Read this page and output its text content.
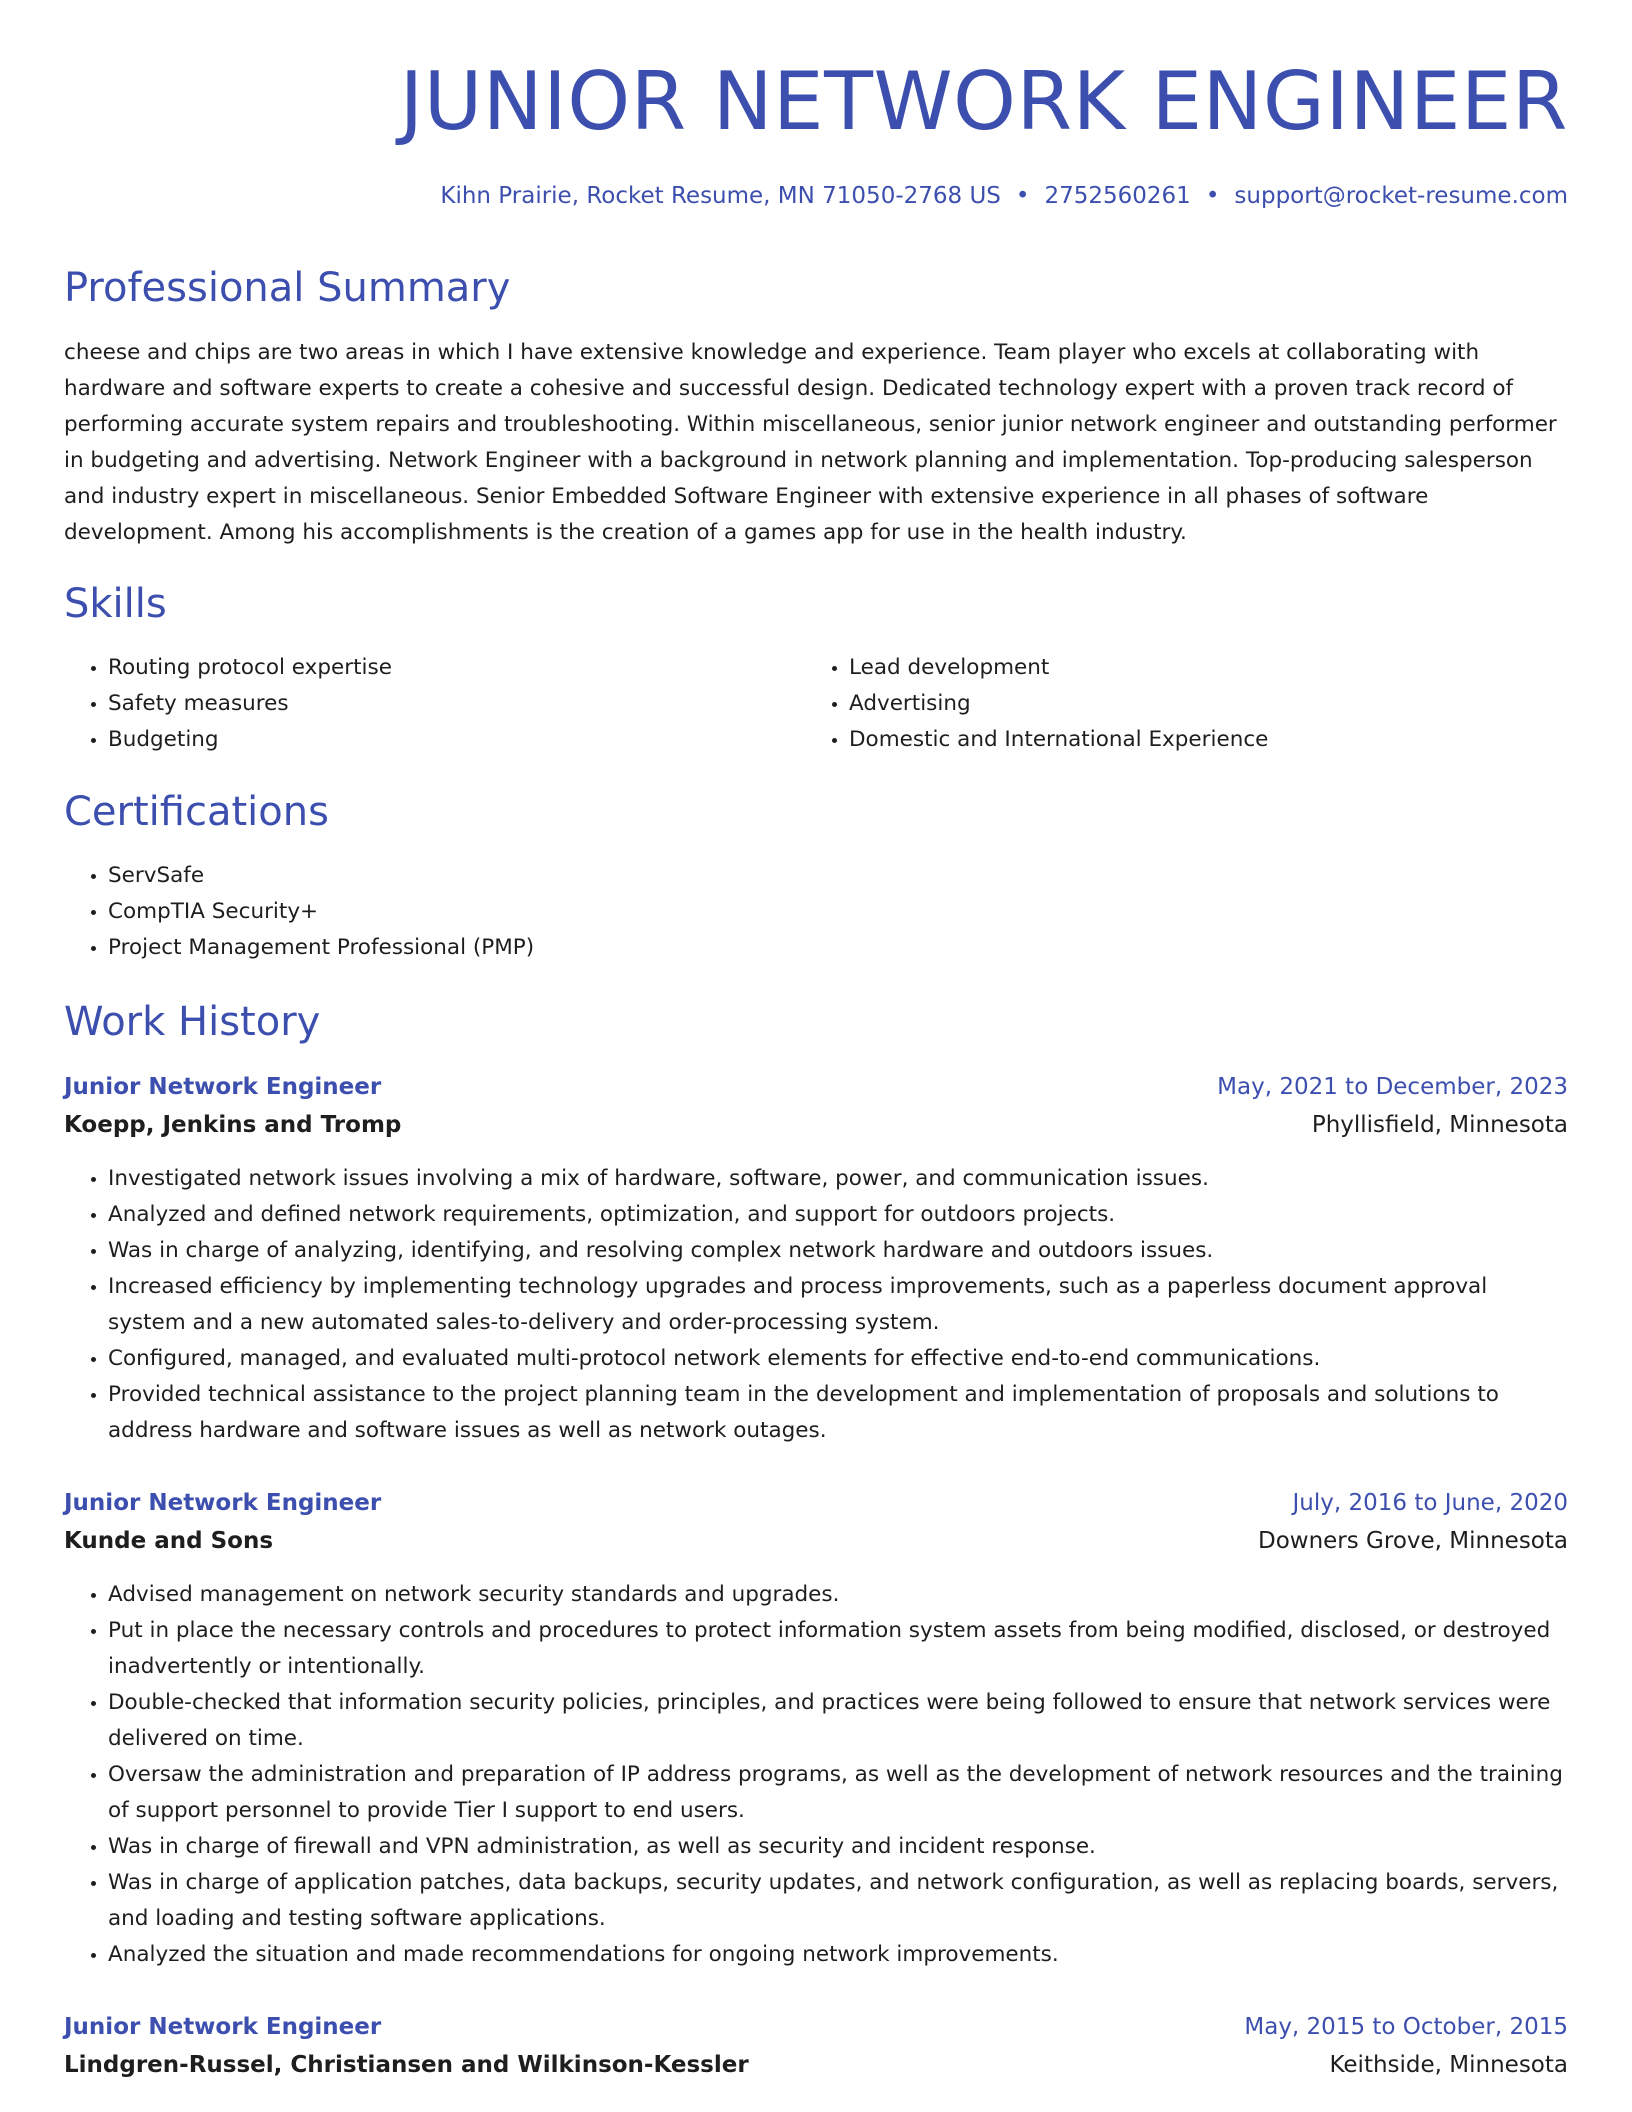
JUNIOR NETWORK ENGINEER
Kihn Prairie, Rocket Resume, MN 71050-2768 US • 2752560261 • support@rocket-resume.com
Professional Summary

cheese and chips are two areas in which I have extensive knowledge and experience. Team player who excels at collaborating with hardware and software experts to create a cohesive and successful design. Dedicated technology expert with a proven track record of performing accurate system repairs and troubleshooting. Within miscellaneous, senior junior network engineer and outstanding performer in budgeting and advertising. Network Engineer with a background in network planning and implementation. Top-producing salesperson and industry expert in miscellaneous. Senior Embedded Software Engineer with extensive experience in all phases of software development. Among his accomplishments is the creation of a games app for use in the health industry.

Skills
• Routing protocol expertise
• Safety measures
• Budgeting
• Lead development
• Advertising
• Domestic and International Experience
Certifications
• ServSafe
• CompTIA Security+
• Project Management Professional (PMP)
Work History
Junior Network Engineer	May, 2021 to December, 2023
Koepp, Jenkins and Tromp	Phyllisfield, Minnesota
• Investigated network issues involving a mix of hardware, software, power, and communication issues.
• Analyzed and defined network requirements, optimization, and support for outdoors projects.
• Was in charge of analyzing, identifying, and resolving complex network hardware and outdoors issues.
• Increased efficiency by implementing technology upgrades and process improvements, such as a paperless document approval system and a new automated sales-to-delivery and order-processing system.
• Configured, managed, and evaluated multi-protocol network elements for effective end-to-end communications.
• Provided technical assistance to the project planning team in the development and implementation of proposals and solutions to address hardware and software issues as well as network outages.
Junior Network Engineer	July, 2016 to June, 2020
Kunde and Sons	Downers Grove, Minnesota
• Advised management on network security standards and upgrades.
• Put in place the necessary controls and procedures to protect information system assets from being modified, disclosed, or destroyed inadvertently or intentionally.
• Double-checked that information security policies, principles, and practices were being followed to ensure that network services were delivered on time.
• Oversaw the administration and preparation of IP address programs, as well as the development of network resources and the training of support personnel to provide Tier I support to end users.
• Was in charge of firewall and VPN administration, as well as security and incident response.
• Was in charge of application patches, data backups, security updates, and network configuration, as well as replacing boards, servers, and loading and testing software applications.
• Analyzed the situation and made recommendations for ongoing network improvements.
Junior Network Engineer	May, 2015 to October, 2015
Lindgren-Russel, Christiansen and Wilkinson-Kessler	Keithside, Minnesota
